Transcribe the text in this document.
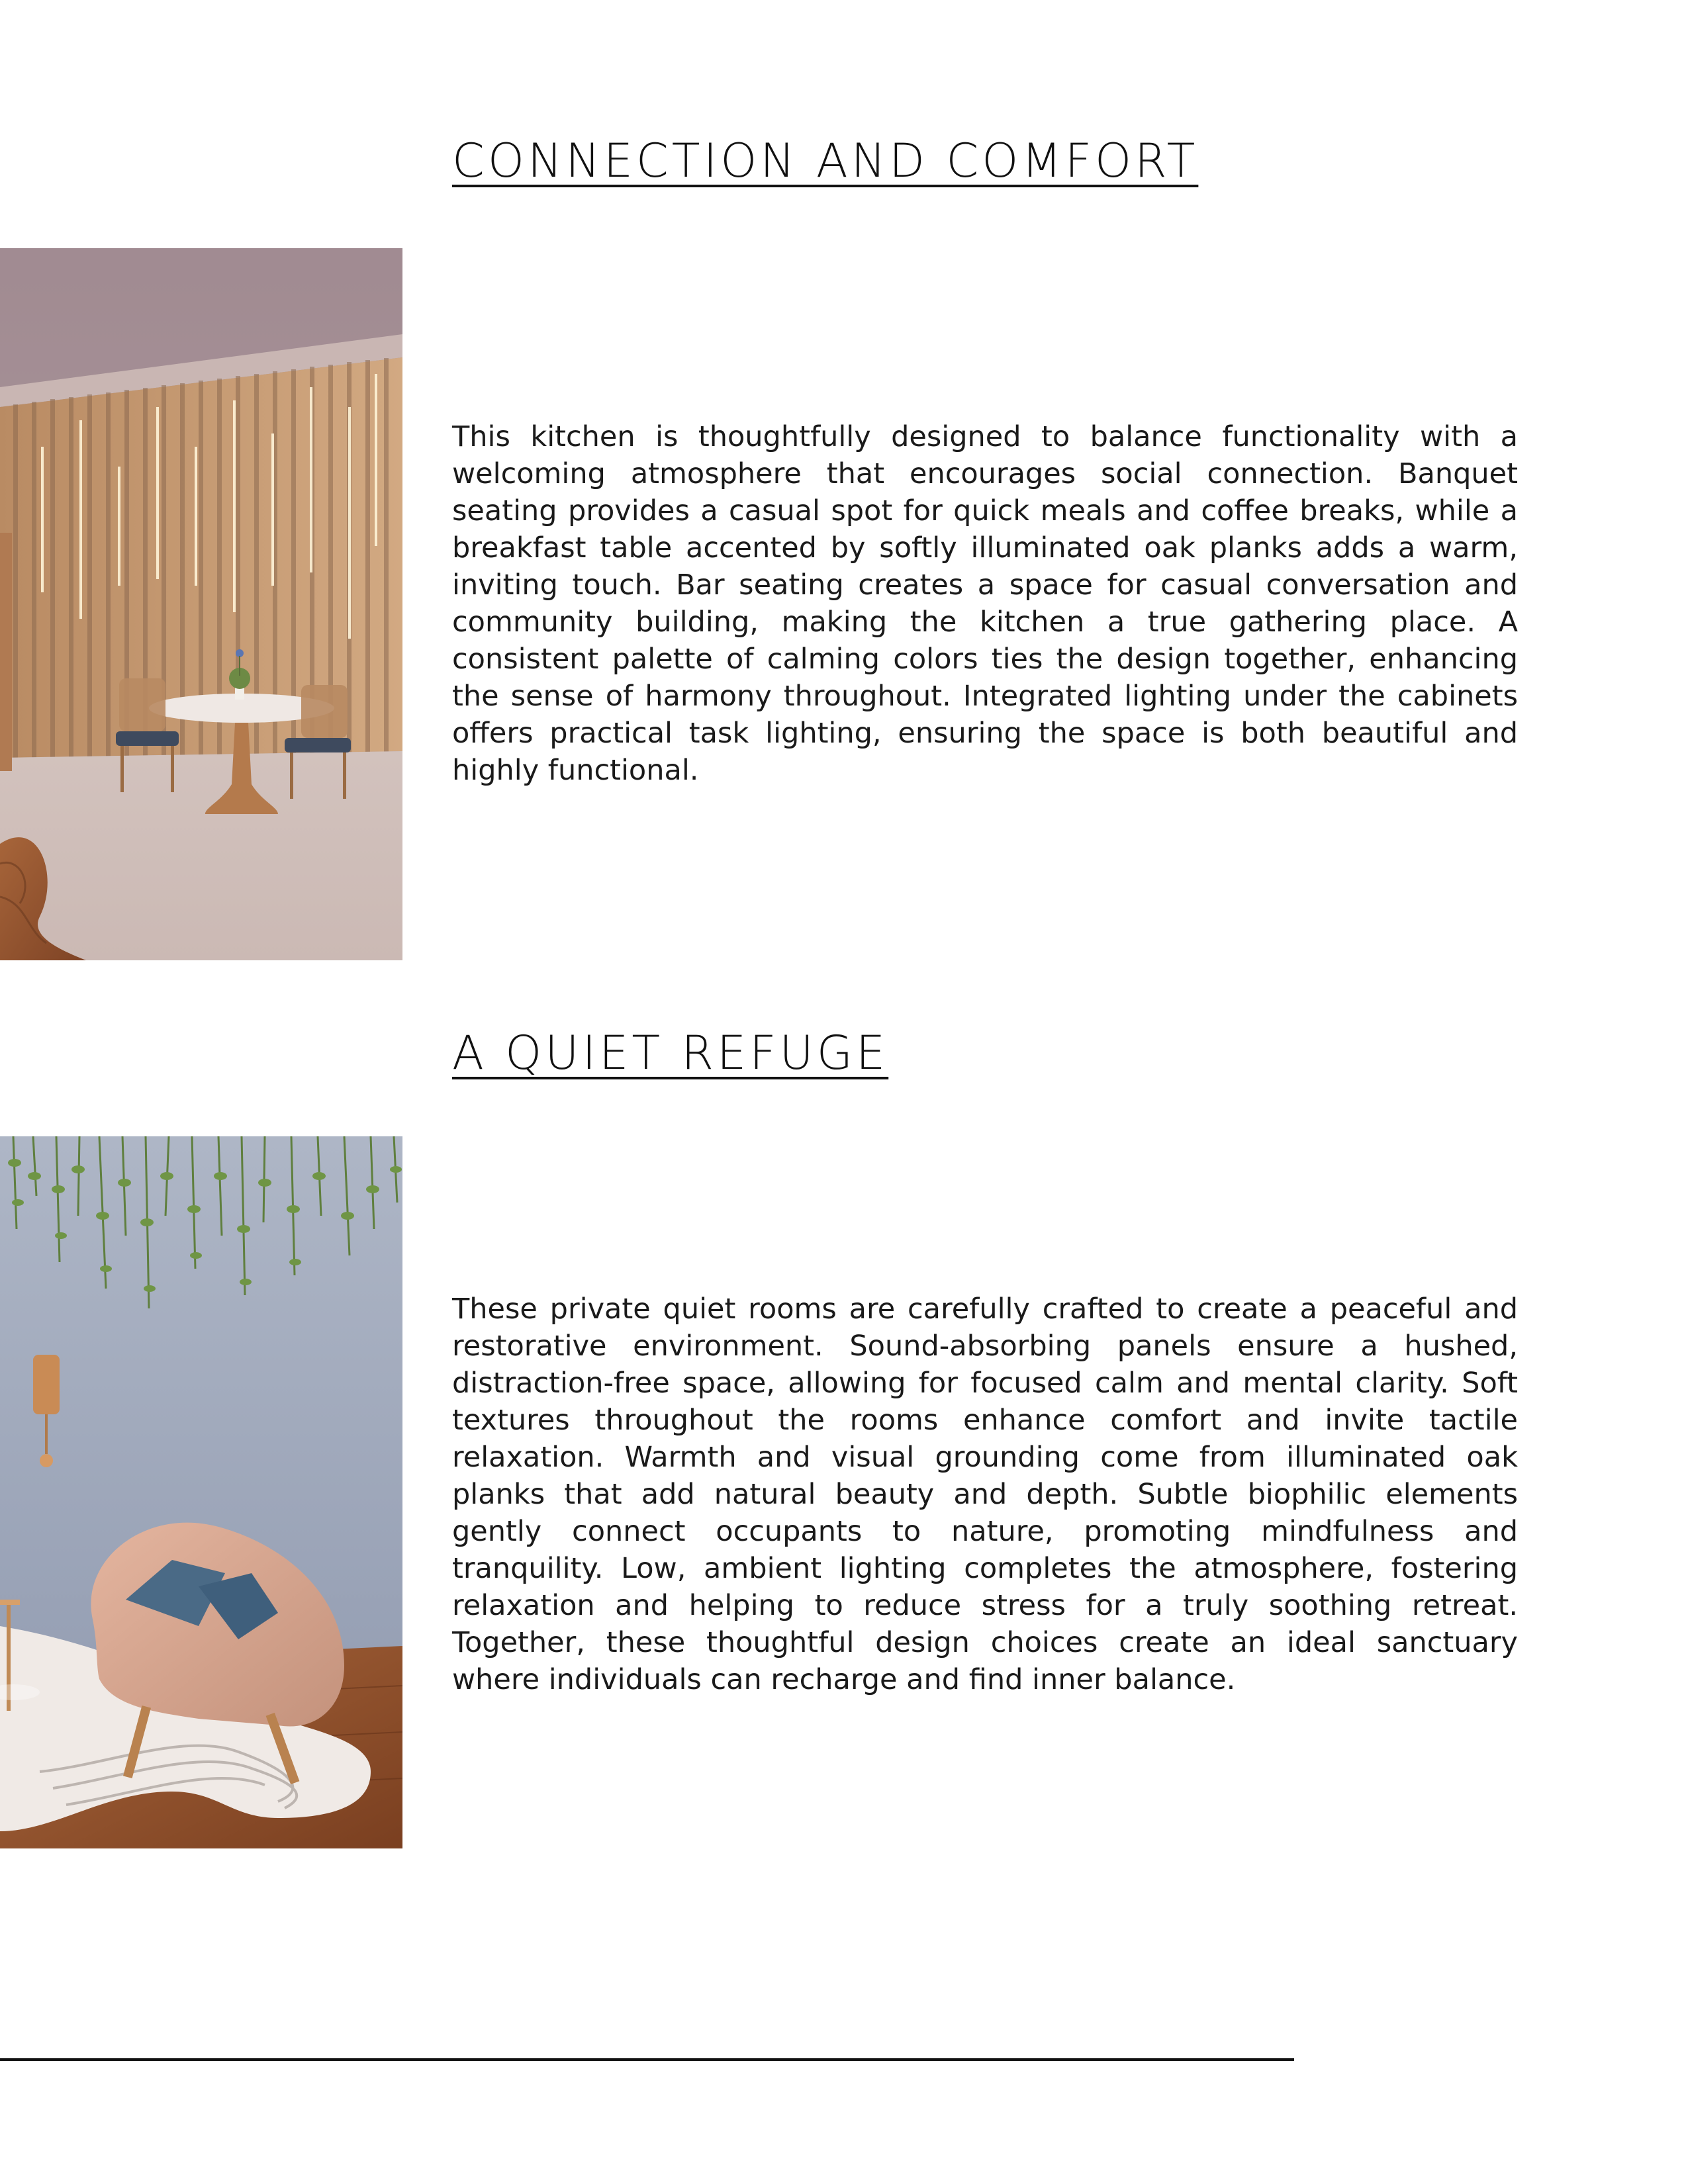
CONNECTION AND COMFORT

This kitchen is thoughtfully designed to balance functionality with a welcoming atmosphere that encourages social connection. Banquet seating provides a casual spot for quick meals and coffee breaks, while a breakfast table accented by softly illuminated oak planks adds a warm, inviting touch. Bar seating creates a space for casual conversation and community building, making the kitchen a true gathering place. A consistent palette of calming colors ties the design together, enhancing the sense of harmony throughout. Integrated lighting under the cabinets offers practical task lighting, ensuring the space is both beautiful and highly functional.

A QUIET REFUGE

These private quiet rooms are carefully crafted to create a peaceful and restorative environment. Sound-absorbing panels ensure a hushed, distraction-free space, allowing for focused calm and mental clarity. Soft textures throughout the rooms enhance comfort and invite tactile relaxation. Warmth and visual grounding come from illuminated oak planks that add natural beauty and depth. Subtle biophilic elements gently connect occupants to nature, promoting mindfulness and tranquility. Low, ambient lighting completes the atmosphere, fostering relaxation and helping to reduce stress for a truly soothing retreat. Together, these thoughtful design choices create an ideal sanctuary where individuals can recharge and find inner balance.
